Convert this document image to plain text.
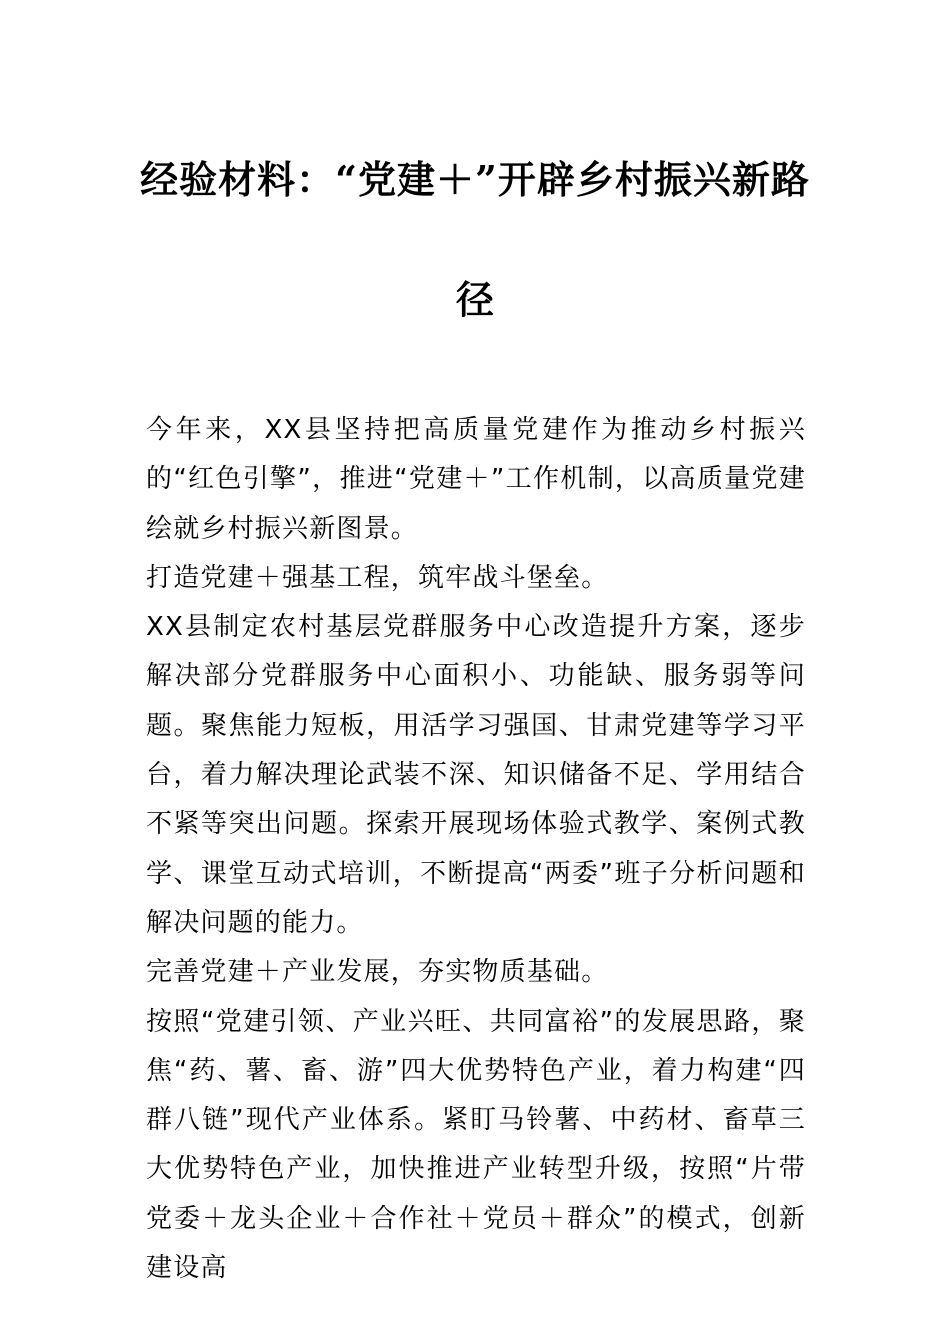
经验材料：“党建＋”开辟乡村振兴新路
径

今年来，XX县坚持把高质量党建作为推动乡村振兴的“红色引擎”，推进“党建＋”工作机制，以高质量党建绘就乡村振兴新图景。

打造党建＋强基工程，筑牢战斗堡垒。

XX县制定农村基层党群服务中心改造提升方案，逐步解决部分党群服务中心面积小、功能缺、服务弱等问题。聚焦能力短板，用活学习强国、甘肃党建等学习平台，着力解决理论武装不深、知识储备不足、学用结合不紧等突出问题。探索开展现场体验式教学、案例式教学、课堂互动式培训，不断提高“两委”班子分析问题和解决问题的能力。

完善党建＋产业发展，夯实物质基础。

按照“党建引领、产业兴旺、共同富裕”的发展思路，聚焦“药、薯、畜、游”四大优势特色产业，着力构建“四群八链”现代产业体系。紧盯马铃薯、中药材、畜草三大优势特色产业，加快推进产业转型升级，按照“片带党委＋龙头企业＋合作社＋党员＋群众”的模式，创新建设高
